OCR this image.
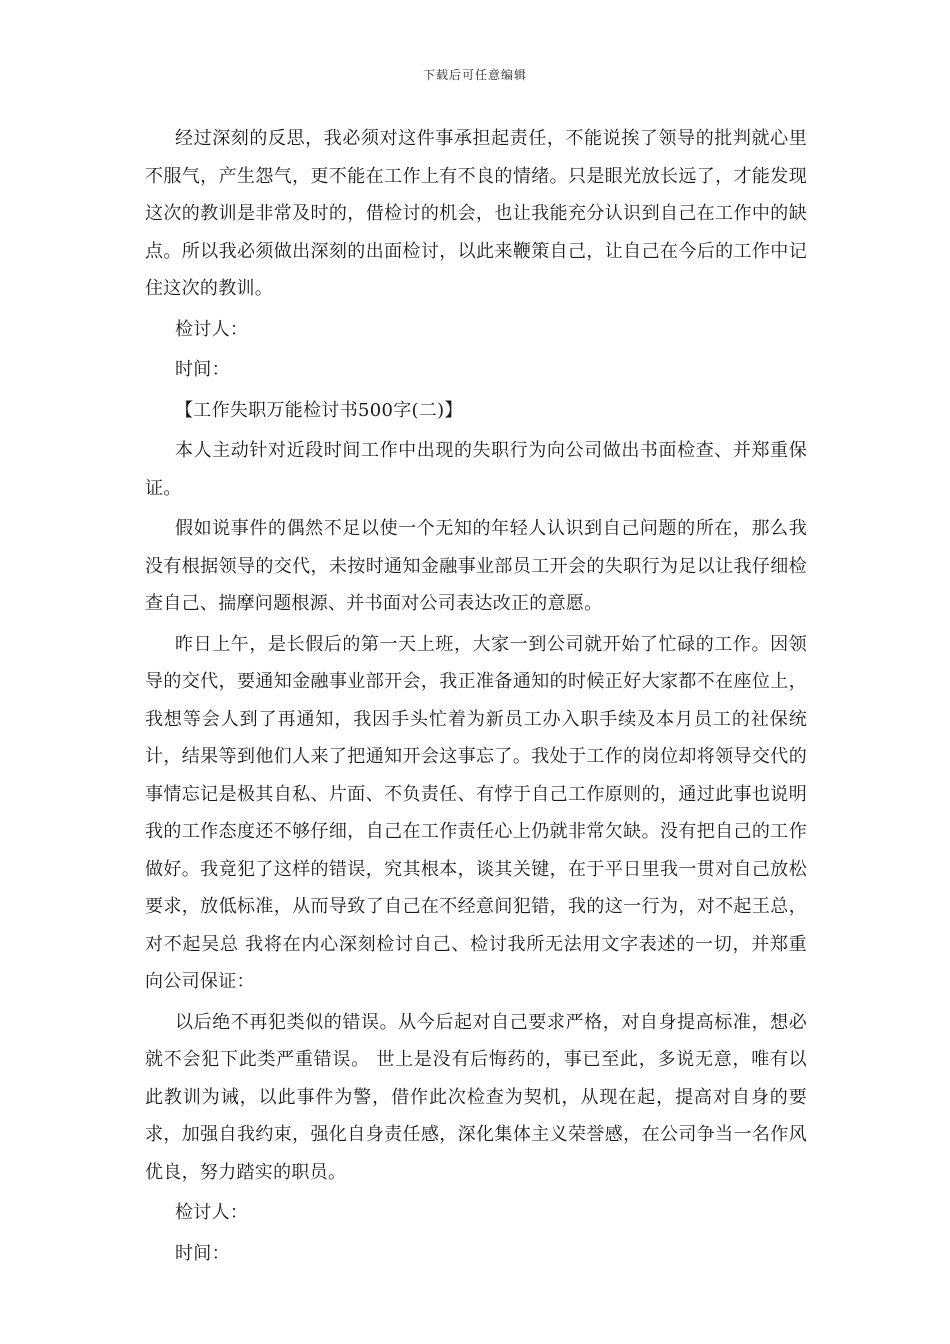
下载后可任意编辑

经过深刻的反思，我必须对这件事承担起责任，不能说挨了领导的批判就心里不服气，产生怨气，更不能在工作上有不良的情绪。只是眼光放长远了，才能发现这次的教训是非常及时的，借检讨的机会，也让我能充分认识到自己在工作中的缺点。所以我必须做出深刻的出面检讨，以此来鞭策自己，让自己在今后的工作中记住这次的教训。

检讨人：

时间：

【工作失职万能检讨书500字(二)】

本人主动针对近段时间工作中出现的失职行为向公司做出书面检查、并郑重保证。

假如说事件的偶然不足以使一个无知的年轻人认识到自己问题的所在，那么我没有根据领导的交代，未按时通知金融事业部员工开会的失职行为足以让我仔细检查自己、揣摩问题根源、并书面对公司表达改正的意愿。

昨日上午，是长假后的第一天上班，大家一到公司就开始了忙碌的工作。因领导的交代，要通知金融事业部开会，我正准备通知的时候正好大家都不在座位上，我想等会人到了再通知，我因手头忙着为新员工办入职手续及本月员工的社保统计，结果等到他们人来了把通知开会这事忘了。我处于工作的岗位却将领导交代的事情忘记是极其自私、片面、不负责任、有悖于自己工作原则的，通过此事也说明我的工作态度还不够仔细，自己在工作责任心上仍就非常欠缺。没有把自己的工作做好。我竟犯了这样的错误，究其根本，谈其关键，在于平日里我一贯对自己放松要求，放低标准，从而导致了自己在不经意间犯错，我的这一行为，对不起王总，对不起吴总 我将在内心深刻检讨自己、检讨我所无法用文字表述的一切，并郑重向公司保证：

以后绝不再犯类似的错误。从今后起对自己要求严格，对自身提高标准，想必就不会犯下此类严重错误。 世上是没有后悔药的，事已至此，多说无意，唯有以此教训为诫，以此事件为警，借作此次检查为契机，从现在起，提高对自身的要求，加强自我约束，强化自身责任感，深化集体主义荣誉感，在公司争当一名作风优良，努力踏实的职员。

检讨人：

时间：
